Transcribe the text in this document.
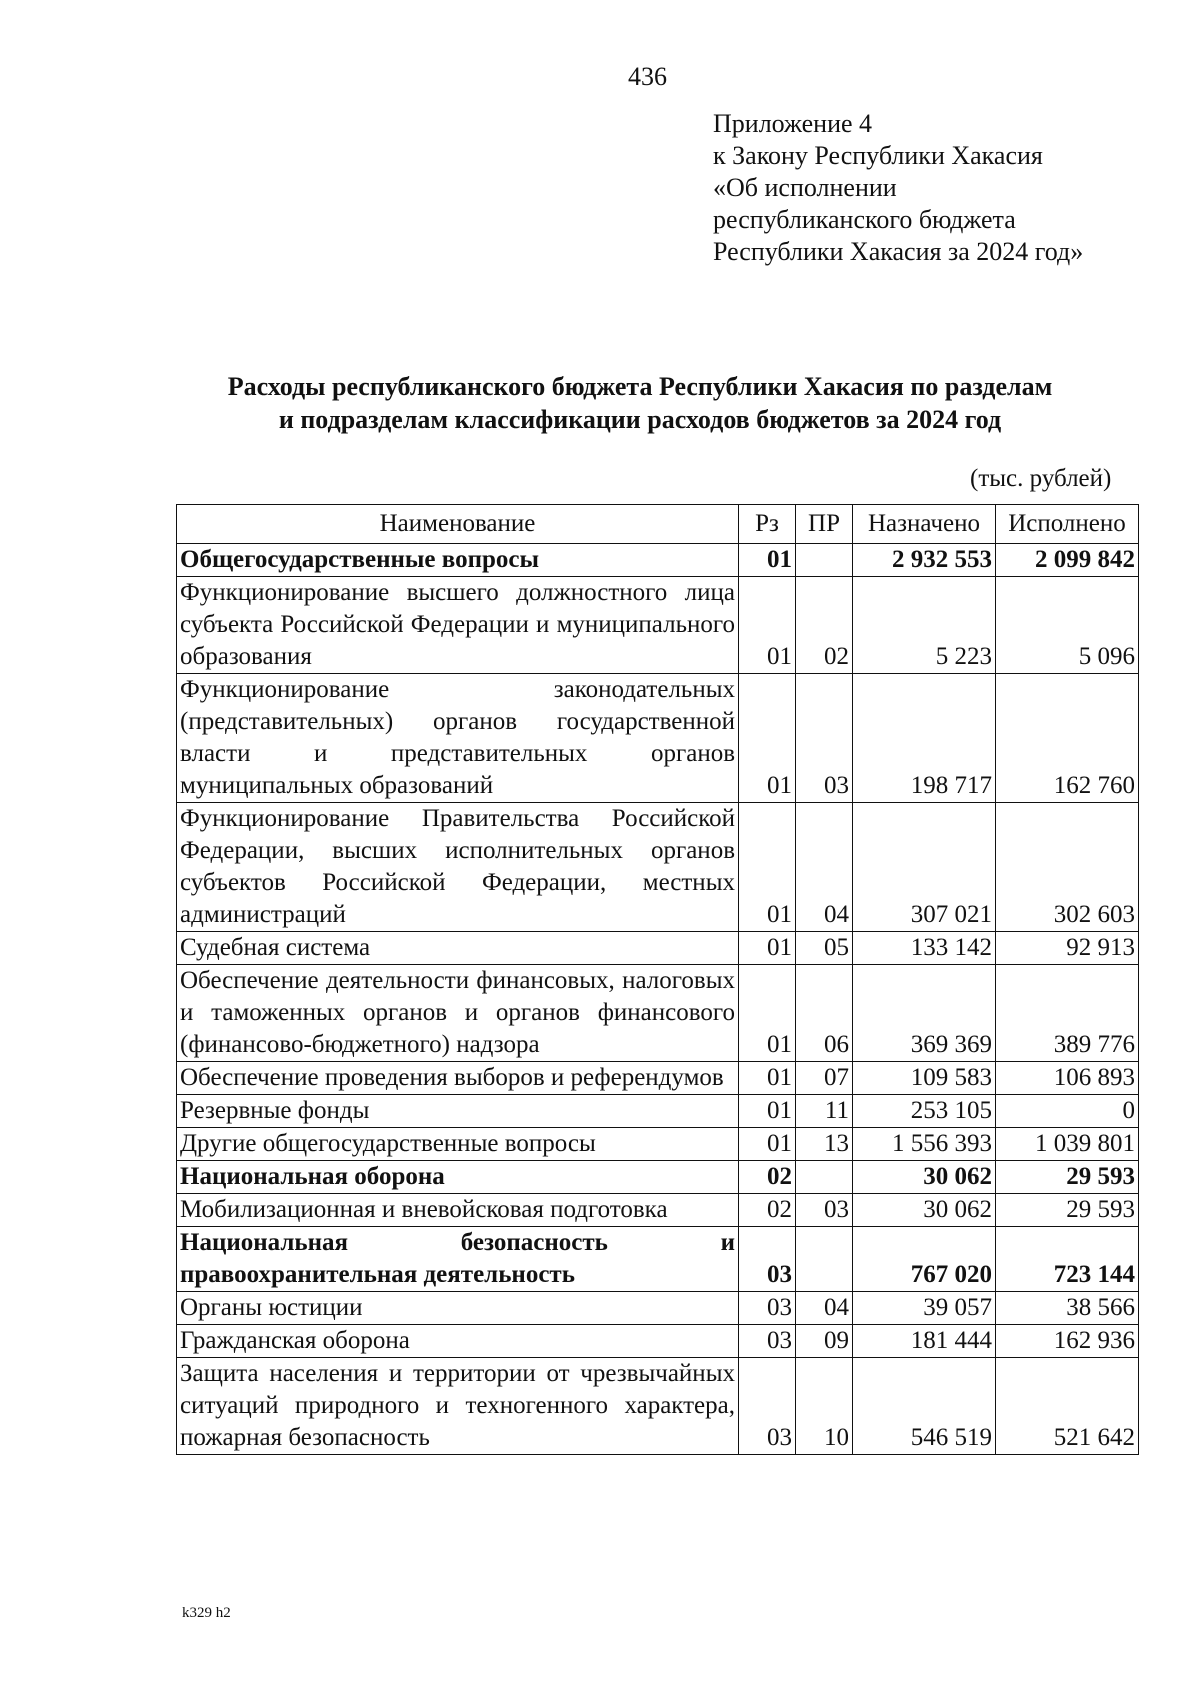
436
Приложение 4
к Закону Республики Хакасия
«Об исполнении
республиканского бюджета
Республики Хакасия за 2024 год»
Расходы республиканского бюджета Республики Хакасия по разделам
и подразделам классификации расходов бюджетов за 2024 год
(тыс. рублей)
Наименование	Рз	ПР	Назначено	Исполнено
Общегосударственные вопросы	01		2 932 553	2 099 842
Функционирование высшего должностного лица субъекта Российской Федерации и муниципального образования	01	02	5 223	5 096
Функционирование законодательных (представительных) органов государственной власти и представительных органов муниципальных образований	01	03	198 717	162 760
Функционирование Правительства Российской Федерации, высших исполнительных органов субъектов Российской Федерации, местных администраций	01	04	307 021	302 603
Судебная система	01	05	133 142	92 913
Обеспечение деятельности финансовых, налоговых и таможенных органов и органов финансового (финансово-бюджетного) надзора	01	06	369 369	389 776
Обеспечение проведения выборов и референдумов	01	07	109 583	106 893
Резервные фонды	01	11	253 105	0
Другие общегосударственные вопросы	01	13	1 556 393	1 039 801
Национальная оборона	02		30 062	29 593
Мобилизационная и вневойсковая подготовка	02	03	30 062	29 593
Национальная безопасность и правоохранительная деятельность	03		767 020	723 144
Органы юстиции	03	04	39 057	38 566
Гражданская оборона	03	09	181 444	162 936
Защита населения и территории от чрезвычайных ситуаций природного и техногенного характера, пожарная безопасность	03	10	546 519	521 642
k329 h2
